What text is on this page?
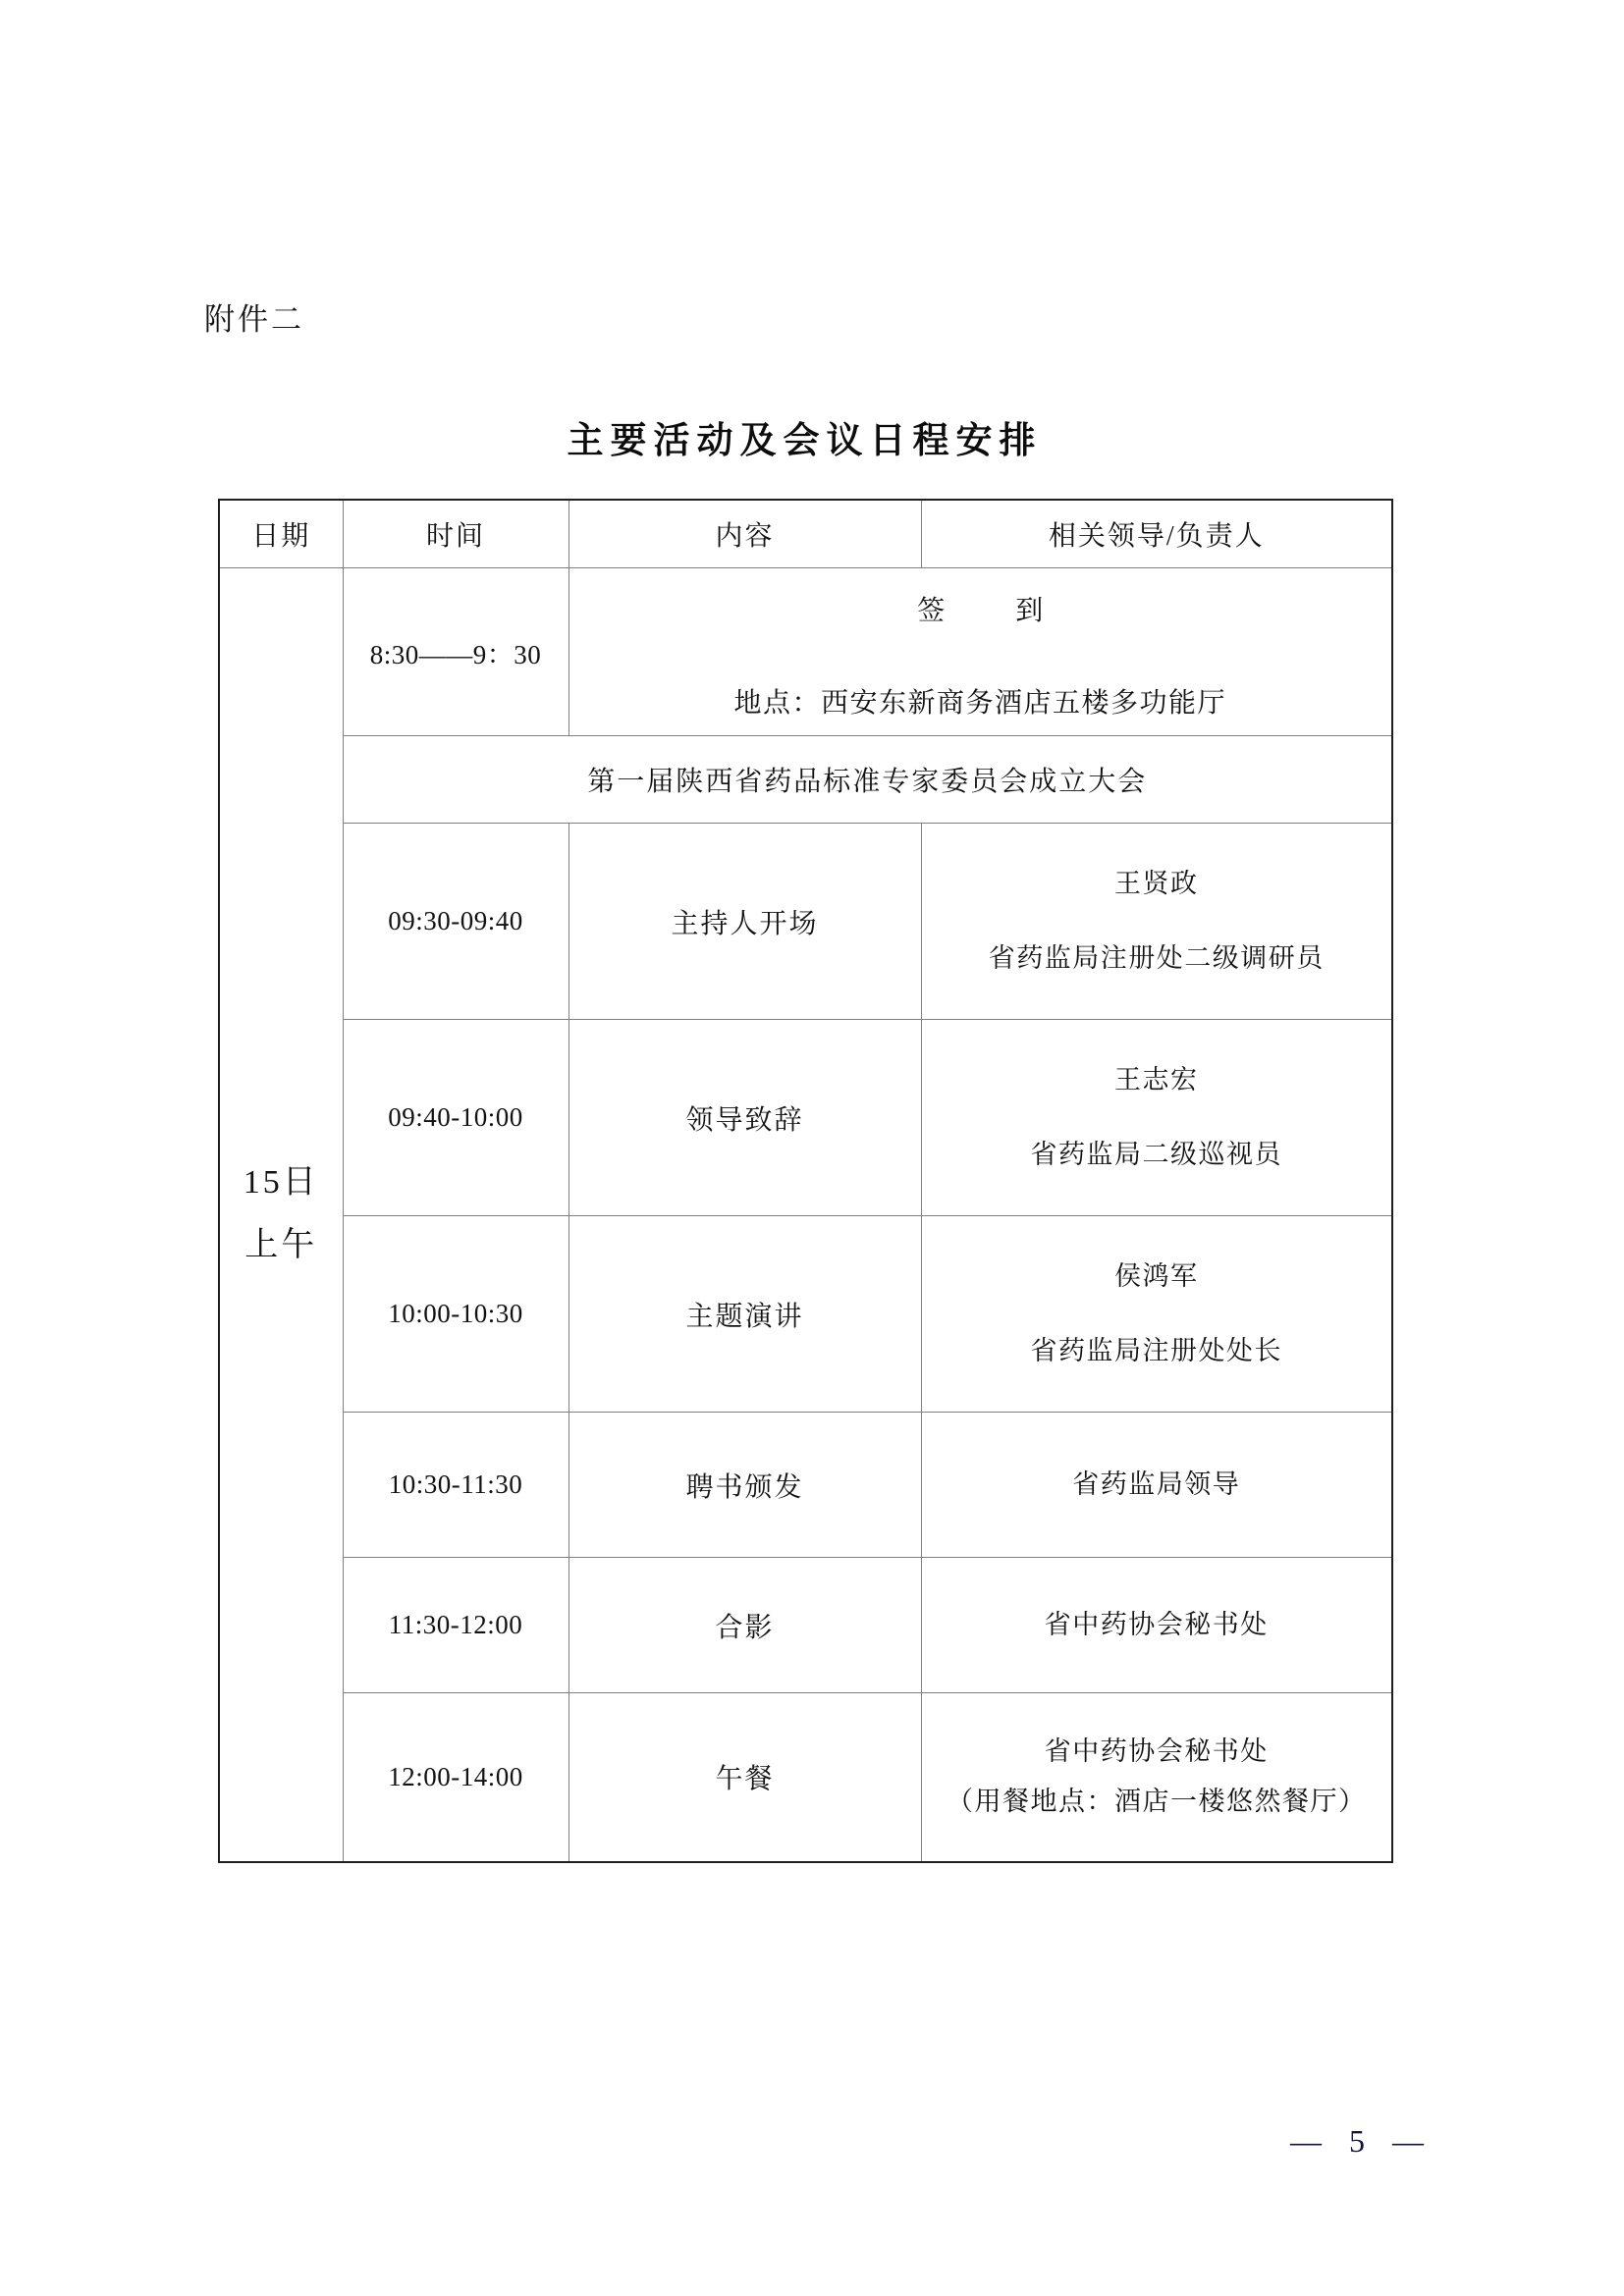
附件二
主要活动及会议日程安排
日期	时间	内容	相关领导/负责人

15日
上午	8:30——9：30	签　到
地点：西安东新商务酒店五楼多功能厅	

	第一届陕西省药品标准专家委员会成立大会		
	09:30-09:40	主持人开场	王贤政
省药监局注册处二级调研员

	09:40-10:00	领导致辞	王志宏
省药监局二级巡视员

	10:00-10:30	主题演讲	侯鸿军
省药监局注册处处长

	10:30-11:30	聘书颁发	省药监局领导

	11:30-12:00	合影	省中药协会秘书处

	12:00-14:00	午餐	省中药协会秘书处
（用餐地点：酒店一楼悠然餐厅）
— 5 —
